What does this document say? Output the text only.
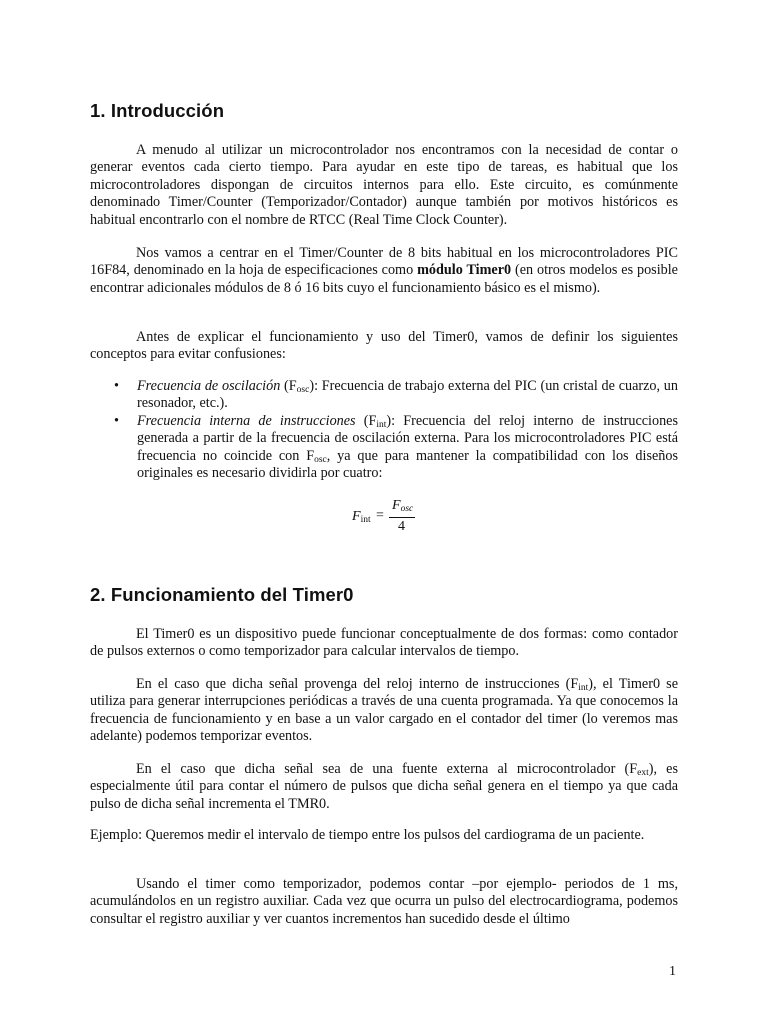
1. Introducción

A menudo al utilizar un microcontrolador nos encontramos con la necesidad de contar o generar eventos cada cierto tiempo. Para ayudar en este tipo de tareas, es habitual que los microcontroladores dispongan de circuitos internos para ello. Este circuito, es comúnmente denominado Timer/Counter (Temporizador/Contador) aunque también por motivos históricos es habitual encontrarlo con el nombre de RTCC (Real Time Clock Counter).

Nos vamos a centrar en el Timer/Counter de 8 bits habitual en los microcontroladores PIC 16F84, denominado en la hoja de especificaciones como módulo Timer0 (en otros modelos es posible encontrar adicionales módulos de 8 ó 16 bits cuyo el funcionamiento básico es el mismo).

Antes de explicar el funcionamiento y uso del Timer0, vamos de definir los siguientes conceptos para evitar confusiones:

• Frecuencia de oscilación $(F_{osc})$: Frecuencia de trabajo externa del PIC (un cristal de cuarzo, un resonador, etc.).
• Frecuencia interna de instrucciones $(F_{int})$: Frecuencia del reloj interno de instrucciones generada a partir de la frecuencia de oscilación externa. Para los microcontroladores PIC está frecuencia no coincide con $F_{osc}$, ya que para mantener la compatibilidad con los diseños originales es necesario dividirla por cuatro:
$F_{int}$ =
$F_{osc}$
4
2. Funcionamiento del Timer0

El Timer0 es un dispositivo puede funcionar conceptualmente de dos formas: como contador de pulsos externos o como temporizador para calcular intervalos de tiempo.

En el caso que dicha señal provenga del reloj interno de instrucciones $(F_{int})$, el Timer0 se utiliza para generar interrupciones periódicas a través de una cuenta programada. Ya que conocemos la frecuencia de funcionamiento y en base a un valor cargado en el contador del timer (lo veremos mas adelante) podemos temporizar eventos.

En el caso que dicha señal sea de una fuente externa al microcontrolador $(F_{ext})$, es especialmente útil para contar el número de pulsos que dicha señal genera en el tiempo ya que cada pulso de dicha señal incrementa el TMR0.

Ejemplo: Queremos medir el intervalo de tiempo entre los pulsos del cardiograma de un paciente.

Usando el timer como temporizador, podemos contar –por ejemplo- periodos de 1 ms, acumulándolos en un registro auxiliar. Cada vez que ocurra un pulso del electrocardiograma, podemos consultar el registro auxiliar y ver cuantos incrementos han sucedido desde el último

1
